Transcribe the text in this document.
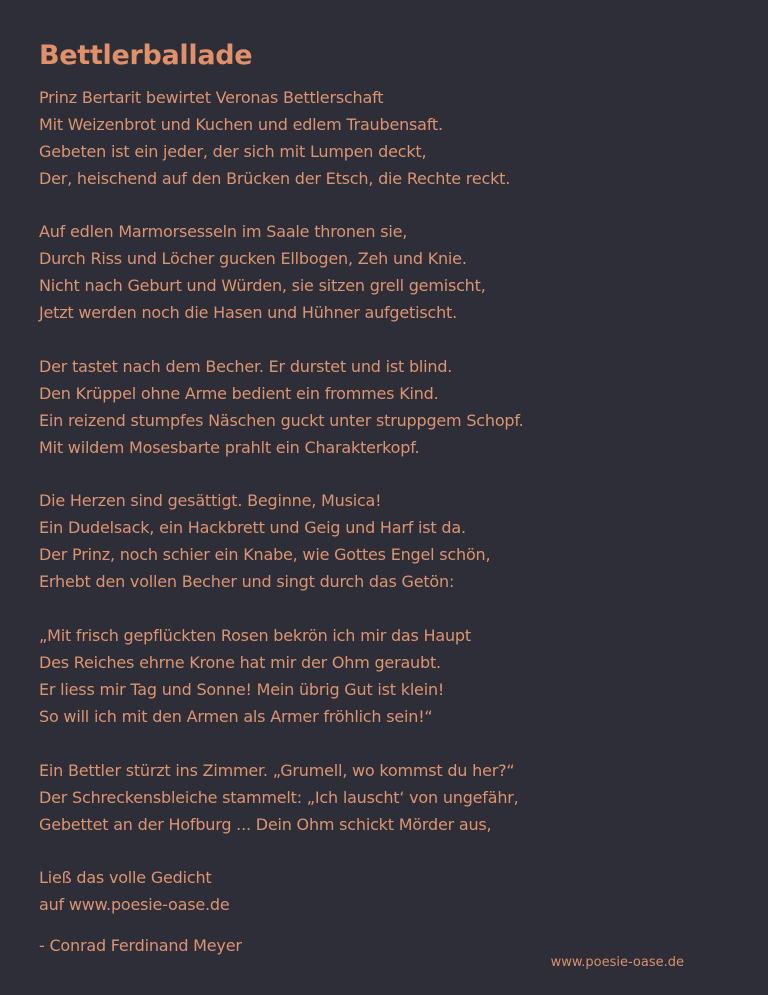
Bettlerballade
Prinz Bertarit bewirtet Veronas Bettlerschaft
Mit Weizenbrot und Kuchen und edlem Traubensaft.
Gebeten ist ein jeder, der sich mit Lumpen deckt,
Der, heischend auf den Brücken der Etsch, die Rechte reckt.
Auf edlen Marmorsesseln im Saale thronen sie,
Durch Riss und Löcher gucken Ellbogen, Zeh und Knie.
Nicht nach Geburt und Würden, sie sitzen grell gemischt,
Jetzt werden noch die Hasen und Hühner aufgetischt.
Der tastet nach dem Becher. Er durstet und ist blind.
Den Krüppel ohne Arme bedient ein frommes Kind.
Ein reizend stumpfes Näschen guckt unter struppgem Schopf.
Mit wildem Mosesbarte prahlt ein Charakterkopf.
Die Herzen sind gesättigt. Beginne, Musica!
Ein Dudelsack, ein Hackbrett und Geig und Harf ist da.
Der Prinz, noch schier ein Knabe, wie Gottes Engel schön,
Erhebt den vollen Becher und singt durch das Getön:
„Mit frisch gepflückten Rosen bekrön ich mir das Haupt
Des Reiches ehrne Krone hat mir der Ohm geraubt.
Er liess mir Tag und Sonne! Mein übrig Gut ist klein!
So will ich mit den Armen als Armer fröhlich sein!“
Ein Bettler stürzt ins Zimmer. „Grumell, wo kommst du her?“
Der Schreckensbleiche stammelt: „Ich lauscht‘ von ungefähr,
Gebettet an der Hofburg ... Dein Ohm schickt Mörder aus,
Ließ das volle Gedicht
auf www.poesie-oase.de
- Conrad Ferdinand Meyer
www.poesie-oase.de
